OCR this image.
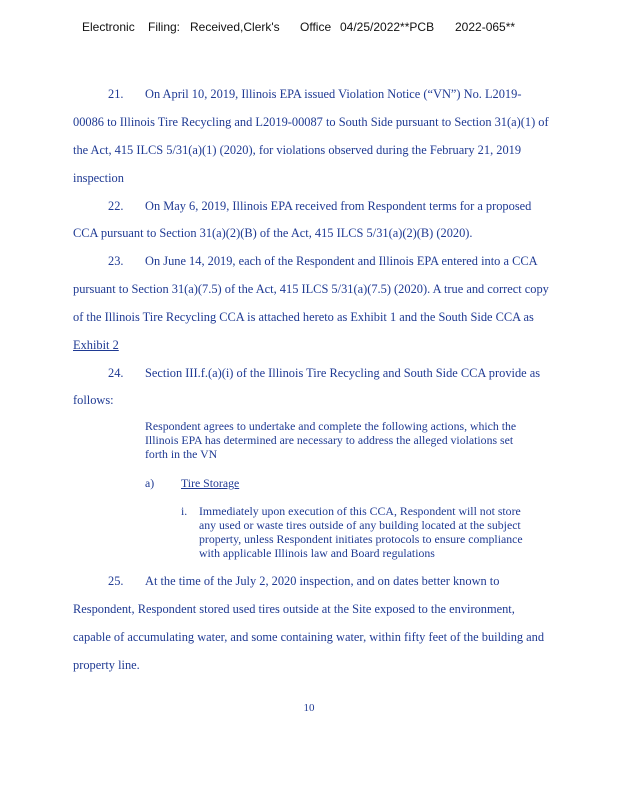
Electronic Filing: Received,Clerk's Office 04/25/2022**PCB 2022-065**
21. On April 10, 2019, Illinois EPA issued Violation Notice (“VN”) No. L2019-
00086 to Illinois Tire Recycling and L2019-00087 to South Side pursuant to Section 31(a)(1) of
the Act, 415 ILCS 5/31(a)(1) (2020), for violations observed during the February 21, 2019
inspection
22. On May 6, 2019, Illinois EPA received from Respondent terms for a proposed
CCA pursuant to Section 31(a)(2)(B) of the Act, 415 ILCS 5/31(a)(2)(B) (2020).
23. On June 14, 2019, each of the Respondent and Illinois EPA entered into a CCA
pursuant to Section 31(a)(7.5) of the Act, 415 ILCS 5/31(a)(7.5) (2020). A true and correct copy
of the Illinois Tire Recycling CCA is attached hereto as Exhibit 1 and the South Side CCA as
Exhibit 2
24. Section III.f.(a)(i) of the Illinois Tire Recycling and South Side CCA provide as
follows:
Respondent agrees to undertake and complete the following actions, which the
Illinois EPA has determined are necessary to address the alleged violations set
forth in the VN
a) Tire Storage
i. Immediately upon execution of this CCA, Respondent will not store
any used or waste tires outside of any building located at the subject
property, unless Respondent initiates protocols to ensure compliance
with applicable Illinois law and Board regulations
25. At the time of the July 2, 2020 inspection, and on dates better known to
Respondent, Respondent stored used tires outside at the Site exposed to the environment,
capable of accumulating water, and some containing water, within fifty feet of the building and
property line.
10
